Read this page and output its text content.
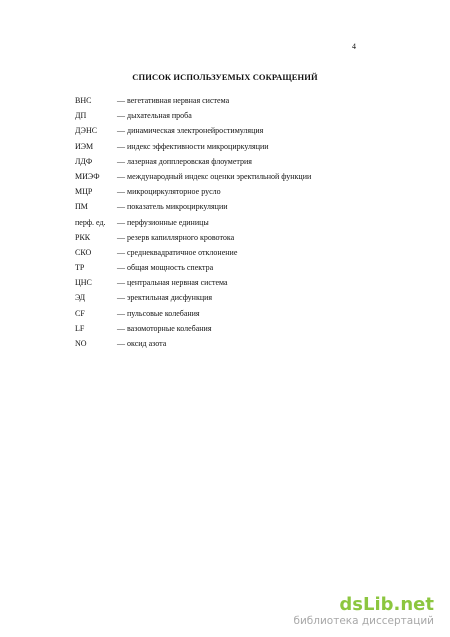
4
СПИСОК ИСПОЛЬЗУЕМЫХ СОКРАЩЕНИЙ
ВНС	— вегетативная нервная система
ДП	— дыхательная проба
ДЭНС — динамическая электронейростимуляция
ИЭМ	— индекс эффективности микроциркуляции
ЛДФ	— лазерная допплеровская флоуметрия
МИЭФ — международный индекс оценки эректильной функции
МЦР	— микроциркуляторное русло
ПМ	— показатель микроциркуляции
перф. ед. — перфузионные единицы
РКК	— резерв капиллярного кровотока
СКО	— среднеквадратичное отклонение
ТР	— общая мощность спектра
ЦНС	— центральная нервная система
ЭД	— эректильная дисфункция
CF	— пульсовые колебания
LF	— вазомоторные колебания
NO	— оксид азота
dsLib.net
библиотека диссертаций
